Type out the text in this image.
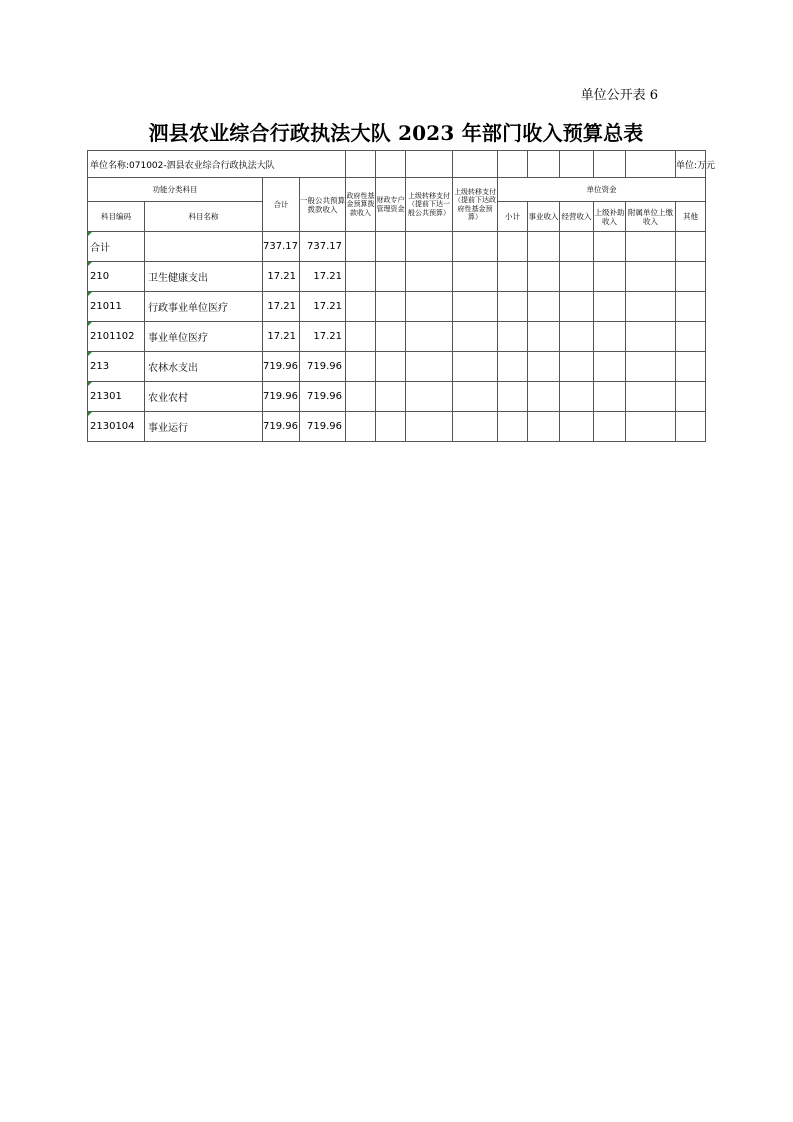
单位公开表 6
泗县农业综合行政执法大队 2023 年部门收入预算总表
单位名称:071002-泗县农业综合行政执法大队													单位:万元
功能分类科目		合计	一般公共预算拨款收入	政府性基金预算拨款收入	财政专户管理资金	上级转移支付（提前下达一般公共预算）	上级转移支付（提前下达政府性基金预算）	单位资金					
科目编码	科目名称							小计	事业收入	经营收入	上级补助收入	附属单位上缴收入	其他
合计		737.17	737.17										
210	卫生健康支出	17.21	17.21										
21011	行政事业单位医疗	17.21	17.21										
2101102	事业单位医疗	17.21	17.21										
213	农林水支出	719.96	719.96										
21301	农业农村	719.96	719.96										
2130104	事业运行	719.96	719.96										
